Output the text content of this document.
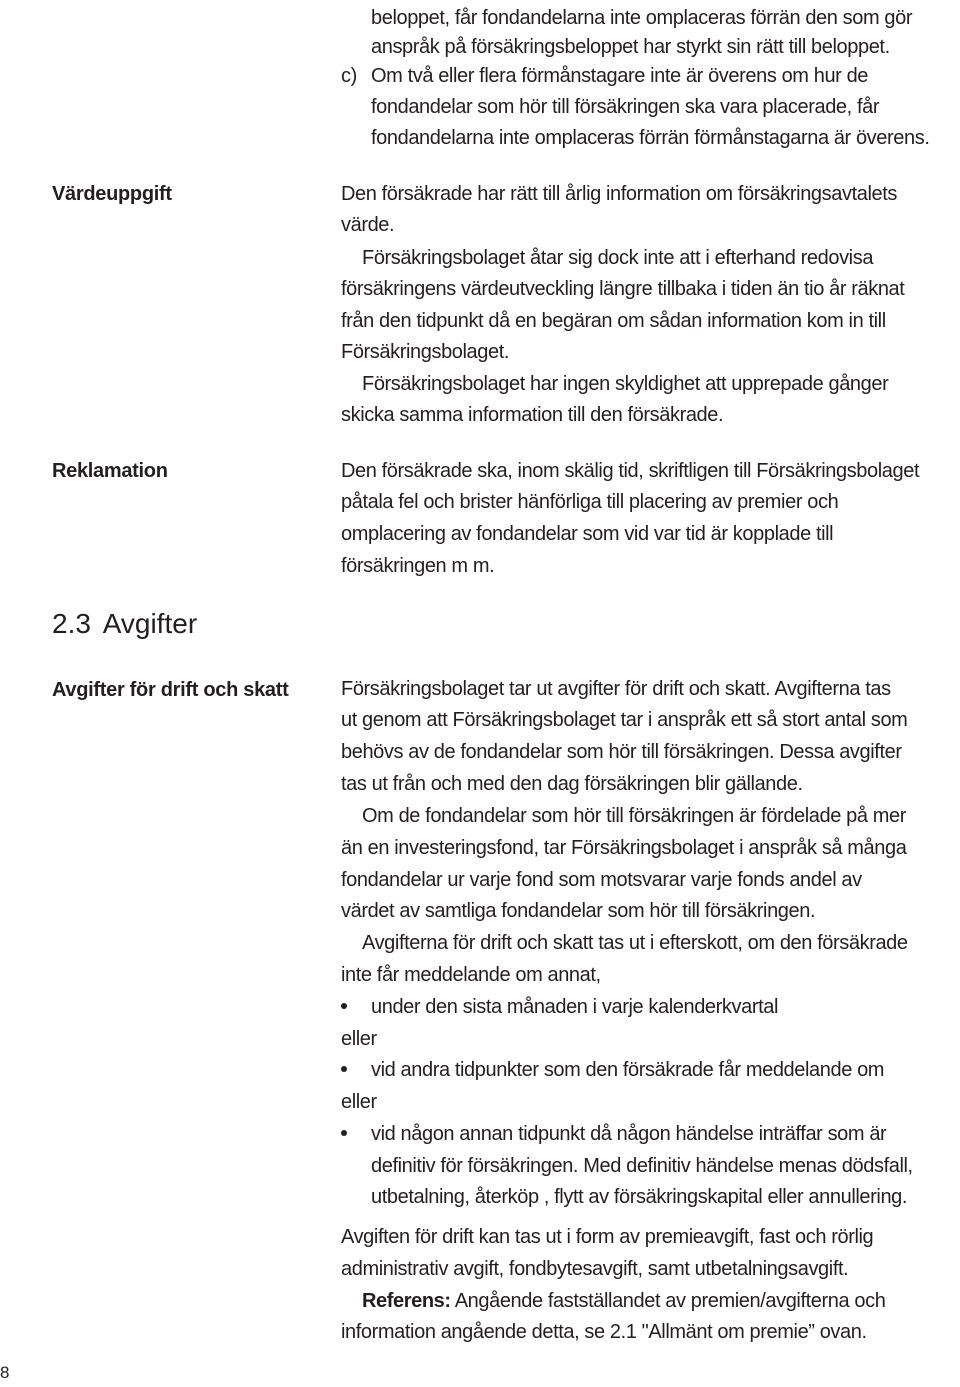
beloppet, får fondandelarna inte omplaceras förrän den som gör
anspråk på försäkringsbeloppet har styrkt sin rätt till beloppet.
c) Om två eller flera förmånstagare inte är överens om hur de
fondandelar som hör till försäkringen ska vara placerade, får
fondandelarna inte omplaceras förrän förmånstagarna är överens.
Värdeuppgift	Den försäkrade har rätt till årlig information om försäkringsavtalets
värde.
Försäkringsbolaget åtar sig dock inte att i efterhand redovisa
försäkringens värdeutveckling längre tillbaka i tiden än tio år räknat
från den tidpunkt då en begäran om sådan information kom in till
Försäkringsbolaget.
Försäkringsbolaget har ingen skyldighet att upprepade gånger
skicka samma information till den försäkrade.
Reklamation	Den försäkrade ska, inom skälig tid, skriftligen till Försäkringsbolaget
påtala fel och brister hänförliga till placering av premier och
omplacering av fondandelar som vid var tid är kopplade till
försäkringen m m.
2.3 Avgifter
Avgifter för drift och skatt	Försäkringsbolaget tar ut avgifter för drift och skatt. Avgifterna tas
ut genom att Försäkringsbolaget tar i anspråk ett så stort antal som
behövs av de fondandelar som hör till försäkringen. Dessa avgifter
tas ut från och med den dag försäkringen blir gällande.
Om de fondandelar som hör till försäkringen är fördelade på mer
än en investeringsfond, tar Försäkringsbolaget i anspråk så många
fondandelar ur varje fond som motsvarar varje fonds andel av
värdet av samtliga fondandelar som hör till försäkringen.
Avgifterna för drift och skatt tas ut i efterskott, om den försäkrade
inte får meddelande om annat,
under den sista månaden i varje kalenderkvartal
eller
vid andra tidpunkter som den försäkrade får meddelande om
eller
vid någon annan tidpunkt då någon händelse inträffar som är
definitiv för försäkringen. Med definitiv händelse menas dödsfall,
utbetalning, återköp , flytt av försäkringskapital eller annullering.
Avgiften för drift kan tas ut i form av premieavgift, fast och rörlig
administrativ avgift, fondbytesavgift, samt utbetalningsavgift.
Referens: Angående fastställandet av premien/avgifterna och
information angående detta, se 2.1 "Allmänt om premie” ovan.
8
